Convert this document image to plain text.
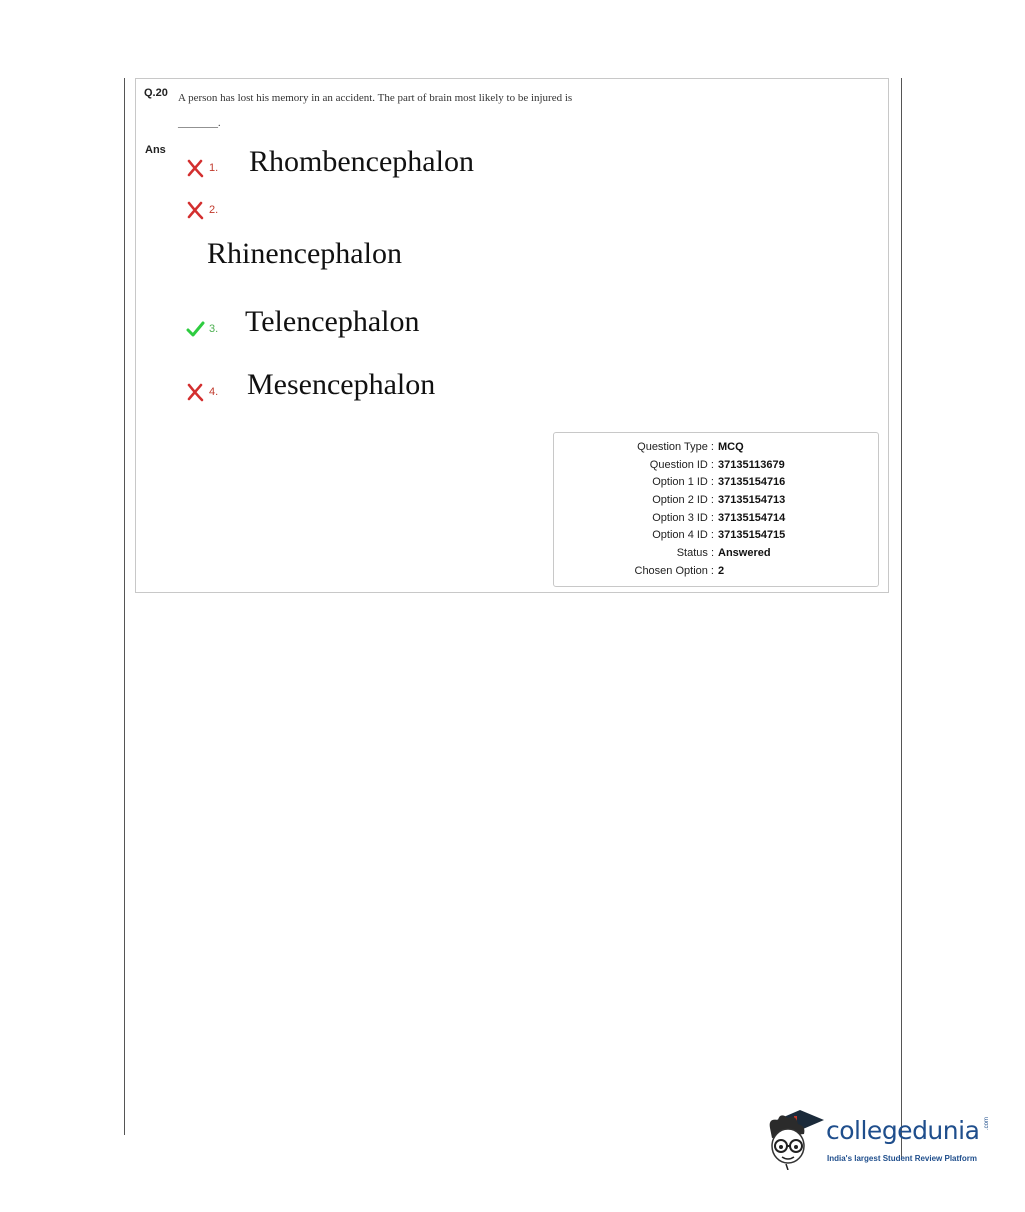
Q.20 A person has lost his memory in an accident. The part of brain most likely to be injured is
________.
Ans
1. Rhombencephalon
2.
Rhinencephalon
3. Telencephalon
4. Mesencephalon
Question Type : MCQ
Question ID : 37135113679
Option 1 ID : 37135154716
Option 2 ID : 37135154713
Option 3 ID : 37135154714
Option 4 ID : 37135154715
Status : Answered
Chosen Option : 2
collegedunia .com
India's largest Student Review Platform
